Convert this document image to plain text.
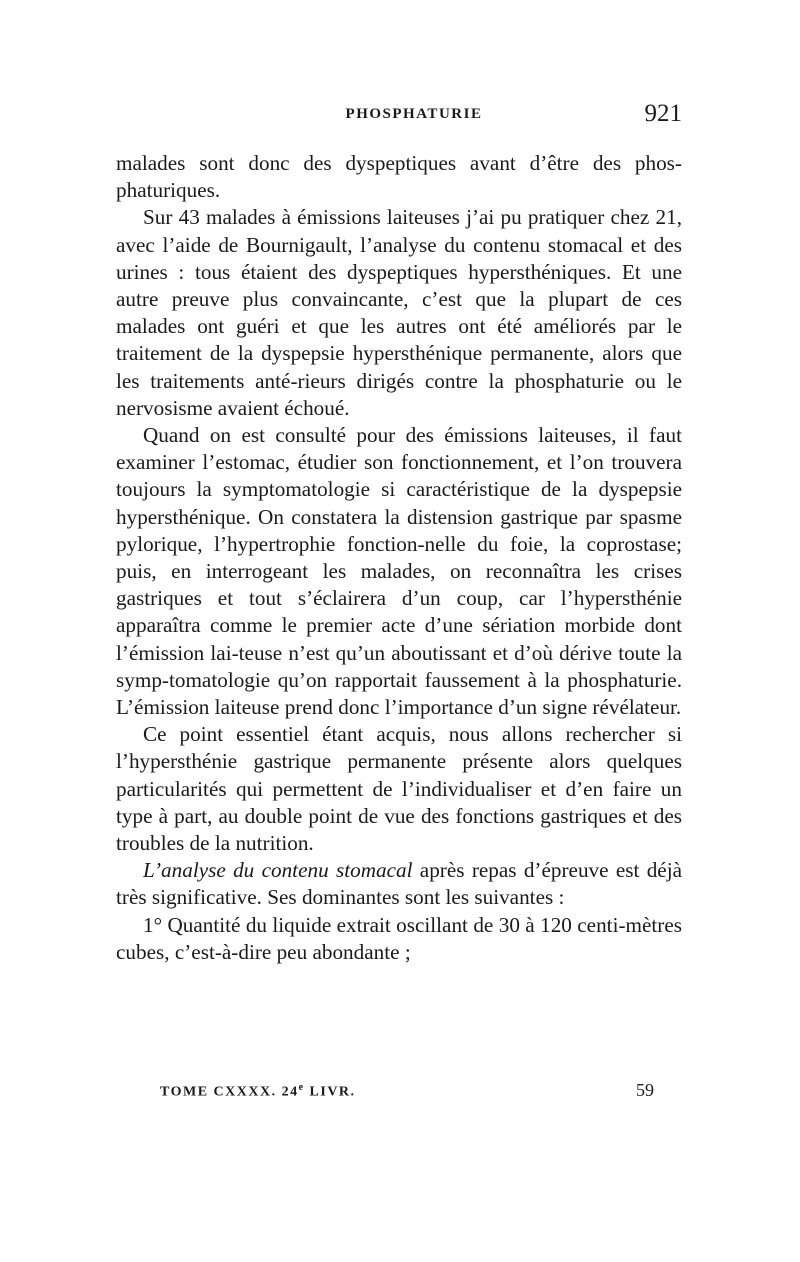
PHOSPHATURIE	921

malades sont donc des dyspeptiques avant d’être des phos-phaturiques.

Sur 43 malades à émissions laiteuses j’ai pu pratiquer chez 21, avec l’aide de Bournigault, l’analyse du contenu stomacal et des urines : tous étaient des dyspeptiques hypersthéniques. Et une autre preuve plus convaincante, c’est que la plupart de ces malades ont guéri et que les autres ont été améliorés par le traitement de la dyspepsie hypersthénique permanente, alors que les traitements anté-rieurs dirigés contre la phosphaturie ou le nervosisme avaient échoué.

Quand on est consulté pour des émissions laiteuses, il faut examiner l’estomac, étudier son fonctionnement, et l’on trouvera toujours la symptomatologie si caractéristique de la dyspepsie hypersthénique. On constatera la distension gastrique par spasme pylorique, l’hypertrophie fonction-nelle du foie, la coprostase; puis, en interrogeant les malades, on reconnaîtra les crises gastriques et tout s’éclairera d’un coup, car l’hypersthénie apparaîtra comme le premier acte d’une sériation morbide dont l’émission lai-teuse n’est qu’un aboutissant et d’où dérive toute la symp-tomatologie qu’on rapportait faussement à la phosphaturie. L’émission laiteuse prend donc l’importance d’un signe révélateur.

Ce point essentiel étant acquis, nous allons rechercher si l’hypersthénie gastrique permanente présente alors quelques particularités qui permettent de l’individualiser et d’en faire un type à part, au double point de vue des fonctions gastriques et des troubles de la nutrition.

L’analyse du contenu stomacal après repas d’épreuve est déjà très significative. Ses dominantes sont les suivantes :

1° Quantité du liquide extrait oscillant de 30 à 120 centi-mètres cubes, c’est-à-dire peu abondante ;

TOME CXXXX. 24e LIVR.	59
